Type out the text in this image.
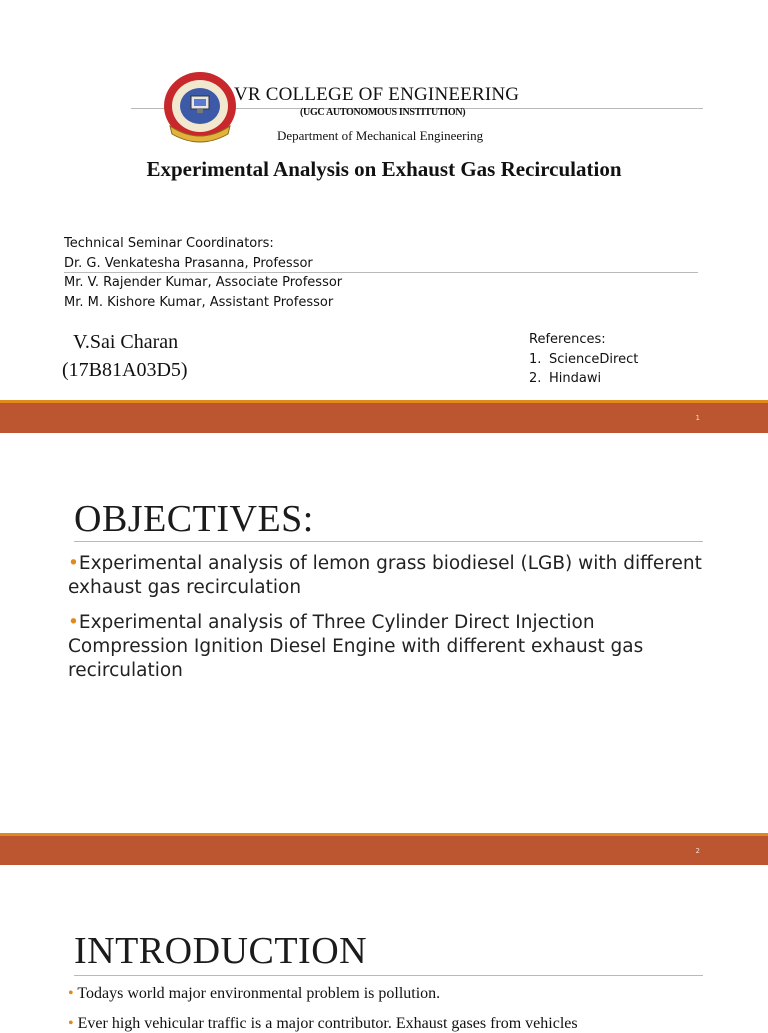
VR COLLEGE OF ENGINEERING
(UGC AUTONOMOUS INSTITUTION)
Department of Mechanical Engineering
Experimental Analysis on Exhaust Gas Recirculation
Technical Seminar Coordinators:
Dr. G. Venkatesha Prasanna, Professor
Mr. V. Rajender Kumar, Associate Professor
Mr. M. Kishore Kumar, Assistant Professor
V.Sai Charan
(17B81A03D5)
References:
1. ScienceDirect
2. Hindawi
1
OBJECTIVES:
•Experimental analysis of lemon grass biodiesel (LGB) with different exhaust gas recirculation
•Experimental analysis of Three Cylinder Direct Injection Compression Ignition Diesel Engine with different exhaust gas recirculation
2
INTRODUCTION
• Todays world major environmental problem is pollution.
• Ever high vehicular traffic is a major contributor. Exhaust gases from vehicles
